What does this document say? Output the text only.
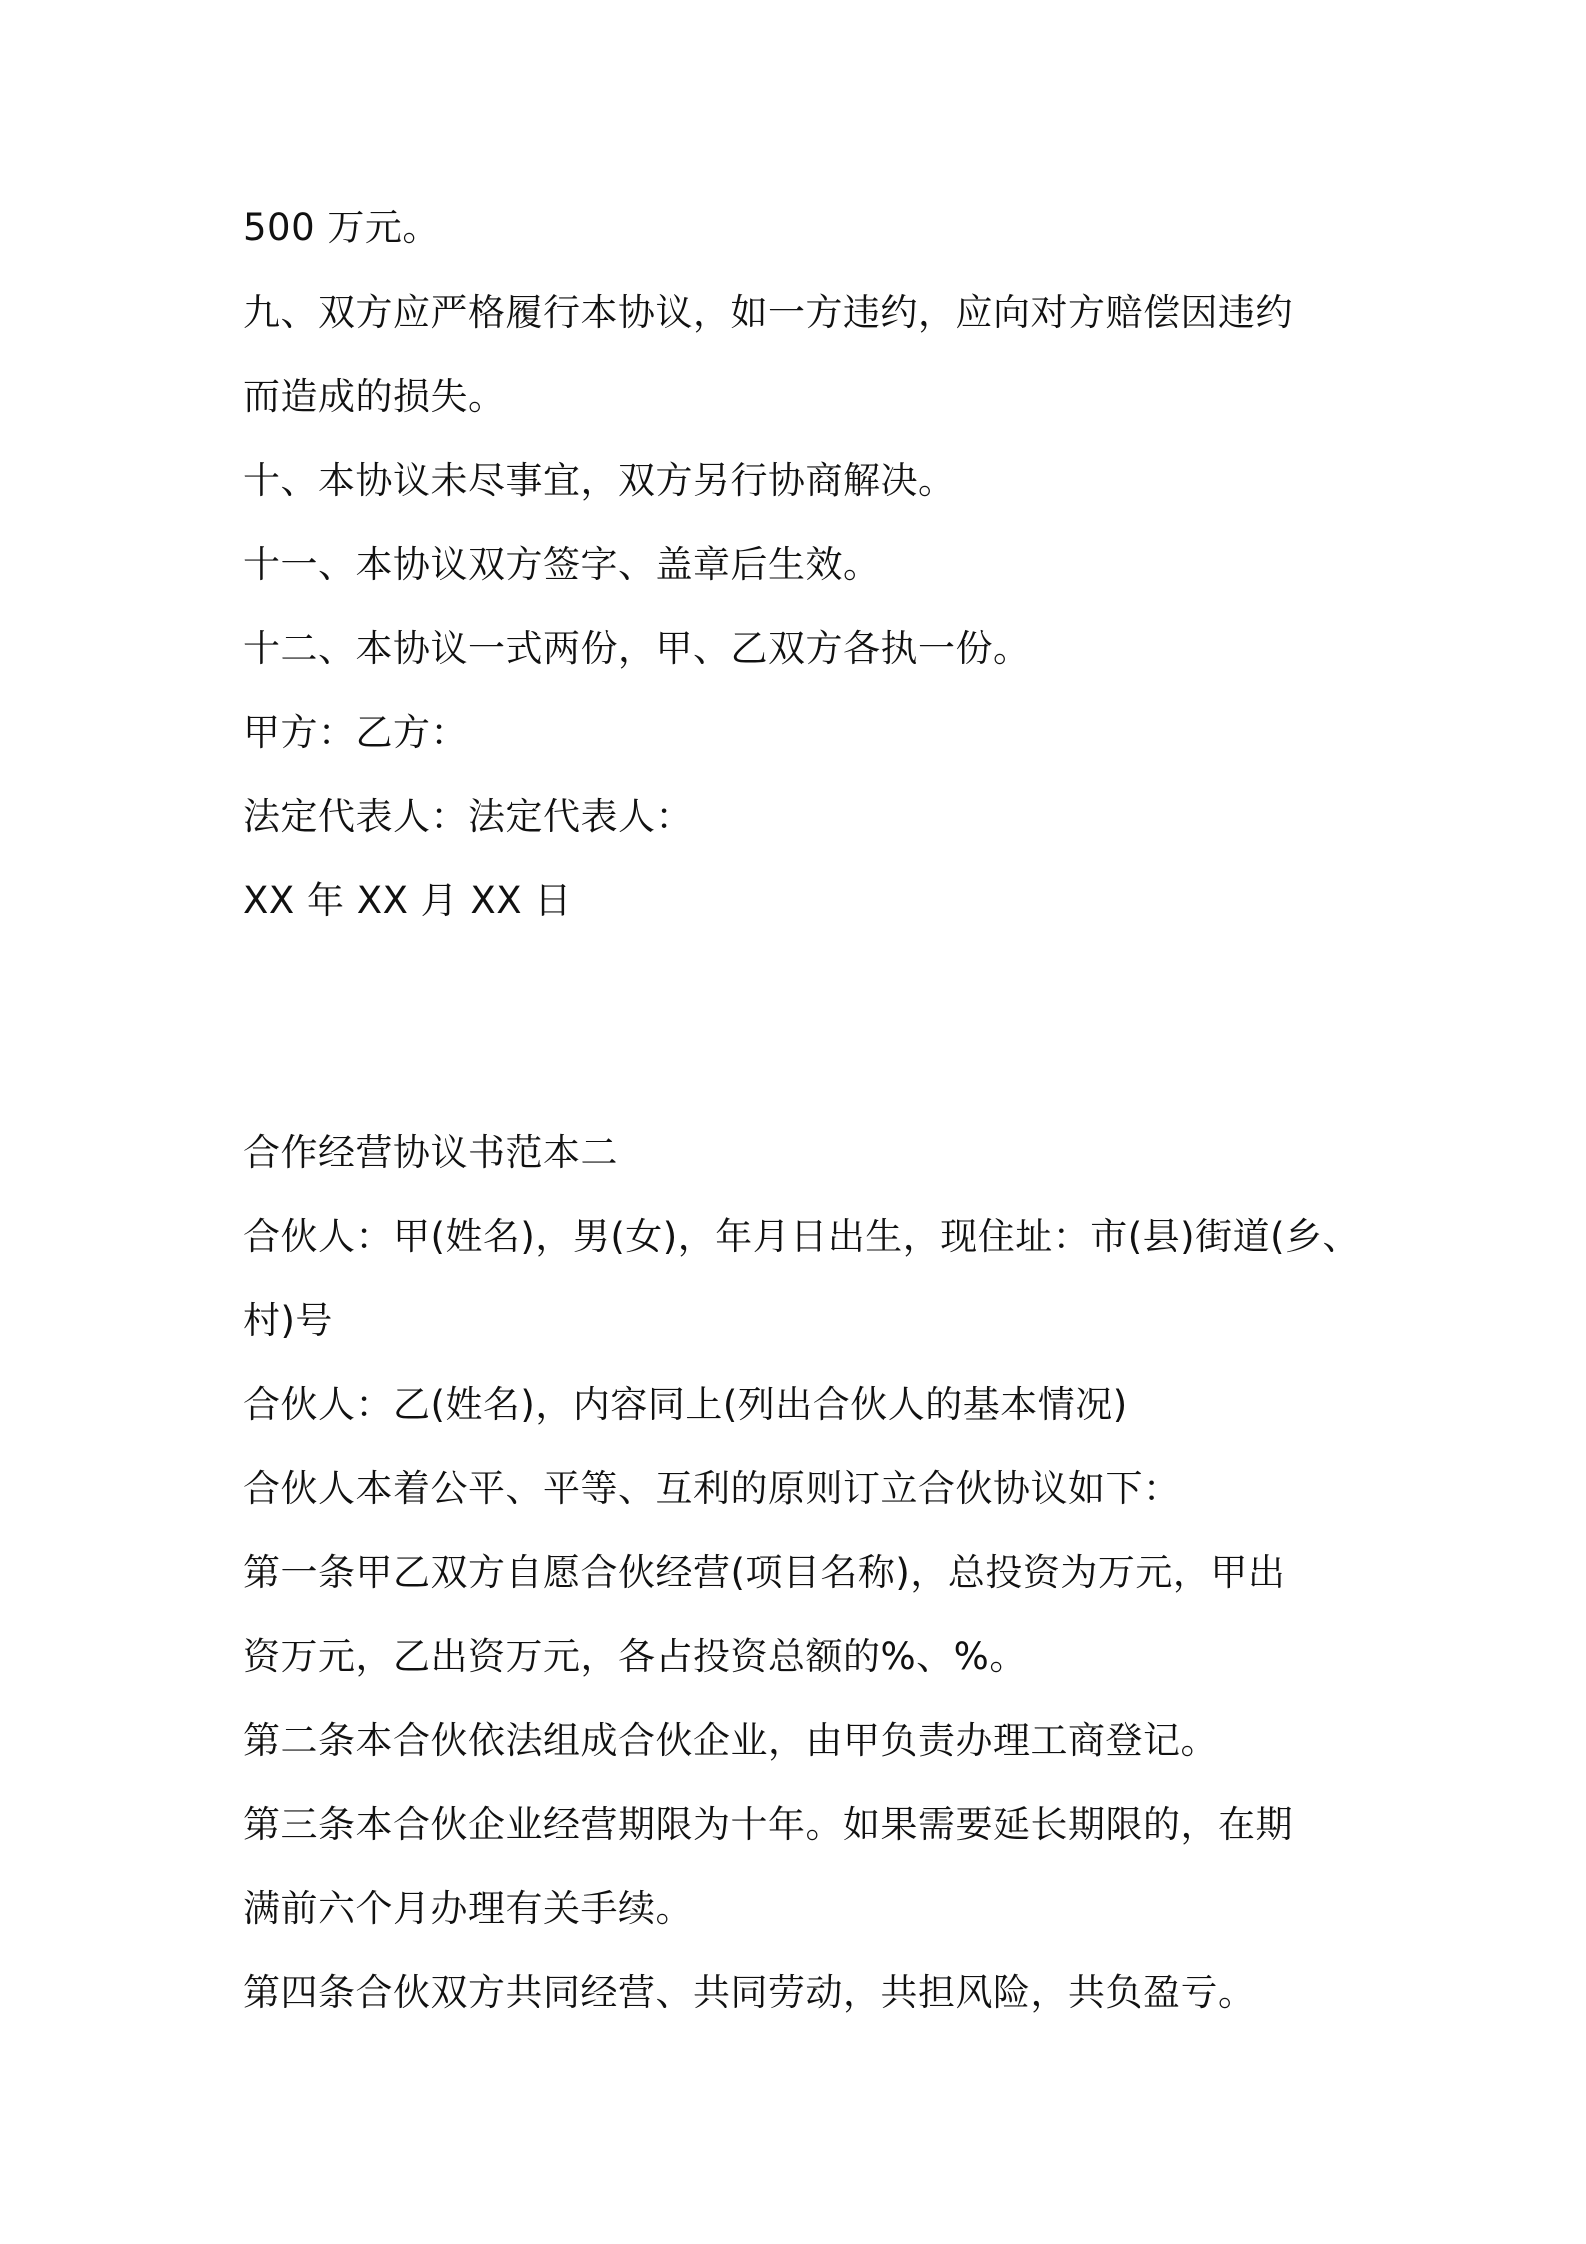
500 万元。
九、双方应严格履行本协议，如一方违约，应向对方赔偿因违约
而造成的损失。
十、本协议未尽事宜，双方另行协商解决。
十一、本协议双方签字、盖章后生效。
十二、本协议一式两份，甲、乙双方各执一份。
甲方：乙方：
法定代表人：法定代表人：
XX 年 XX 月 XX 日
合作经营协议书范本二
合伙人：甲(姓名)，男(女)，年月日出生，现住址：市(县)街道(乡、
村)号
合伙人：乙(姓名)，内容同上(列出合伙人的基本情况)
合伙人本着公平、平等、互利的原则订立合伙协议如下：
第一条甲乙双方自愿合伙经营(项目名称)，总投资为万元，甲出
资万元，乙出资万元，各占投资总额的%、%。
第二条本合伙依法组成合伙企业，由甲负责办理工商登记。
第三条本合伙企业经营期限为十年。如果需要延长期限的，在期
满前六个月办理有关手续。
第四条合伙双方共同经营、共同劳动，共担风险，共负盈亏。
